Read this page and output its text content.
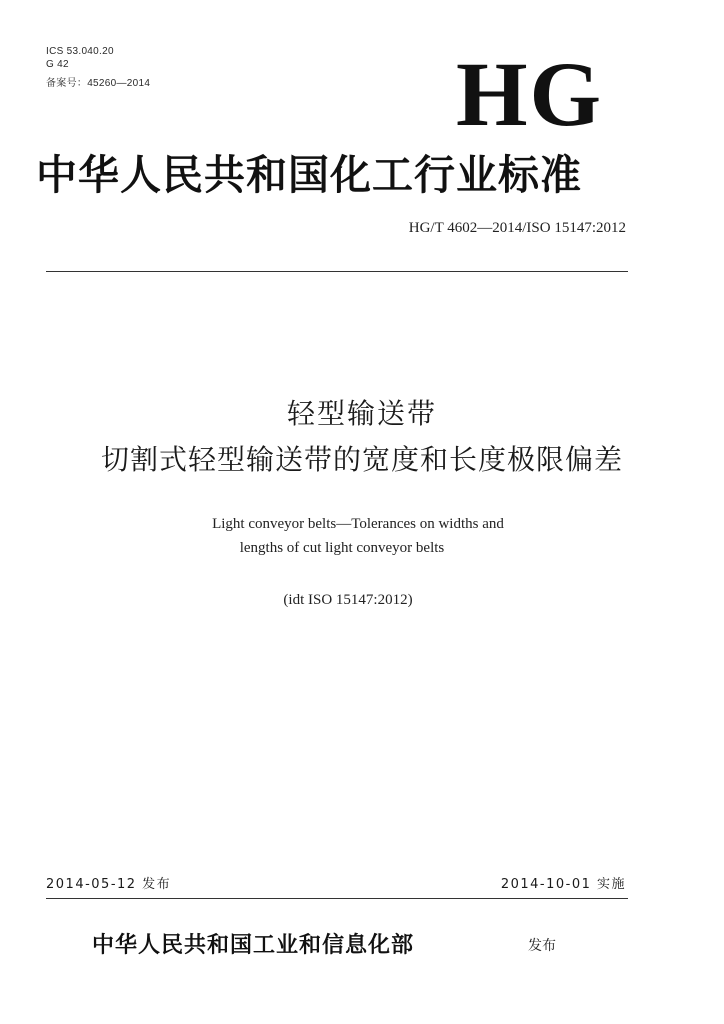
ICS 53.040.20
G 42
备案号：45260—2014	HG
中华人民共和国化工行业标准
HG/T 4602—2014/ISO 15147:2012
轻型输送带
切割式轻型输送带的宽度和长度极限偏差
Light conveyor belts—Tolerances on widths and
lengths of cut light conveyor belts
(idt ISO 15147:2012)
2014-05-12 发布	2014-10-01 实施
中华人民共和国工业和信息化部	发布
